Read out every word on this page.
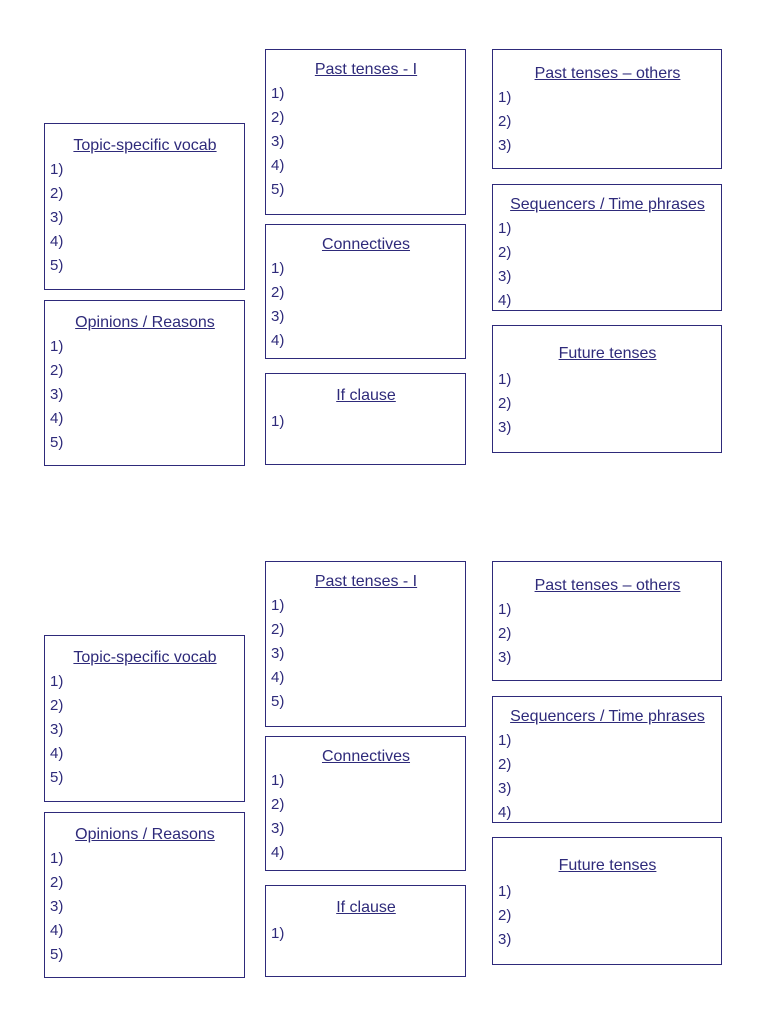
Topic-specific vocab
1)
2)
3)
4)
5)
Opinions / Reasons
1)
2)
3)
4)
5)
Past tenses - I
1)
2)
3)
4)
5)
Connectives
1)
2)
3)
4)
If clause
1)
Past tenses – others
1)
2)
3)
Sequencers / Time phrases
1)
2)
3)
4)
Future tenses
1)
2)
3)
Topic-specific vocab
1)
2)
3)
4)
5)
Opinions / Reasons
1)
2)
3)
4)
5)
Past tenses - I
1)
2)
3)
4)
5)
Connectives
1)
2)
3)
4)
If clause
1)
Past tenses – others
1)
2)
3)
Sequencers / Time phrases
1)
2)
3)
4)
Future tenses
1)
2)
3)
